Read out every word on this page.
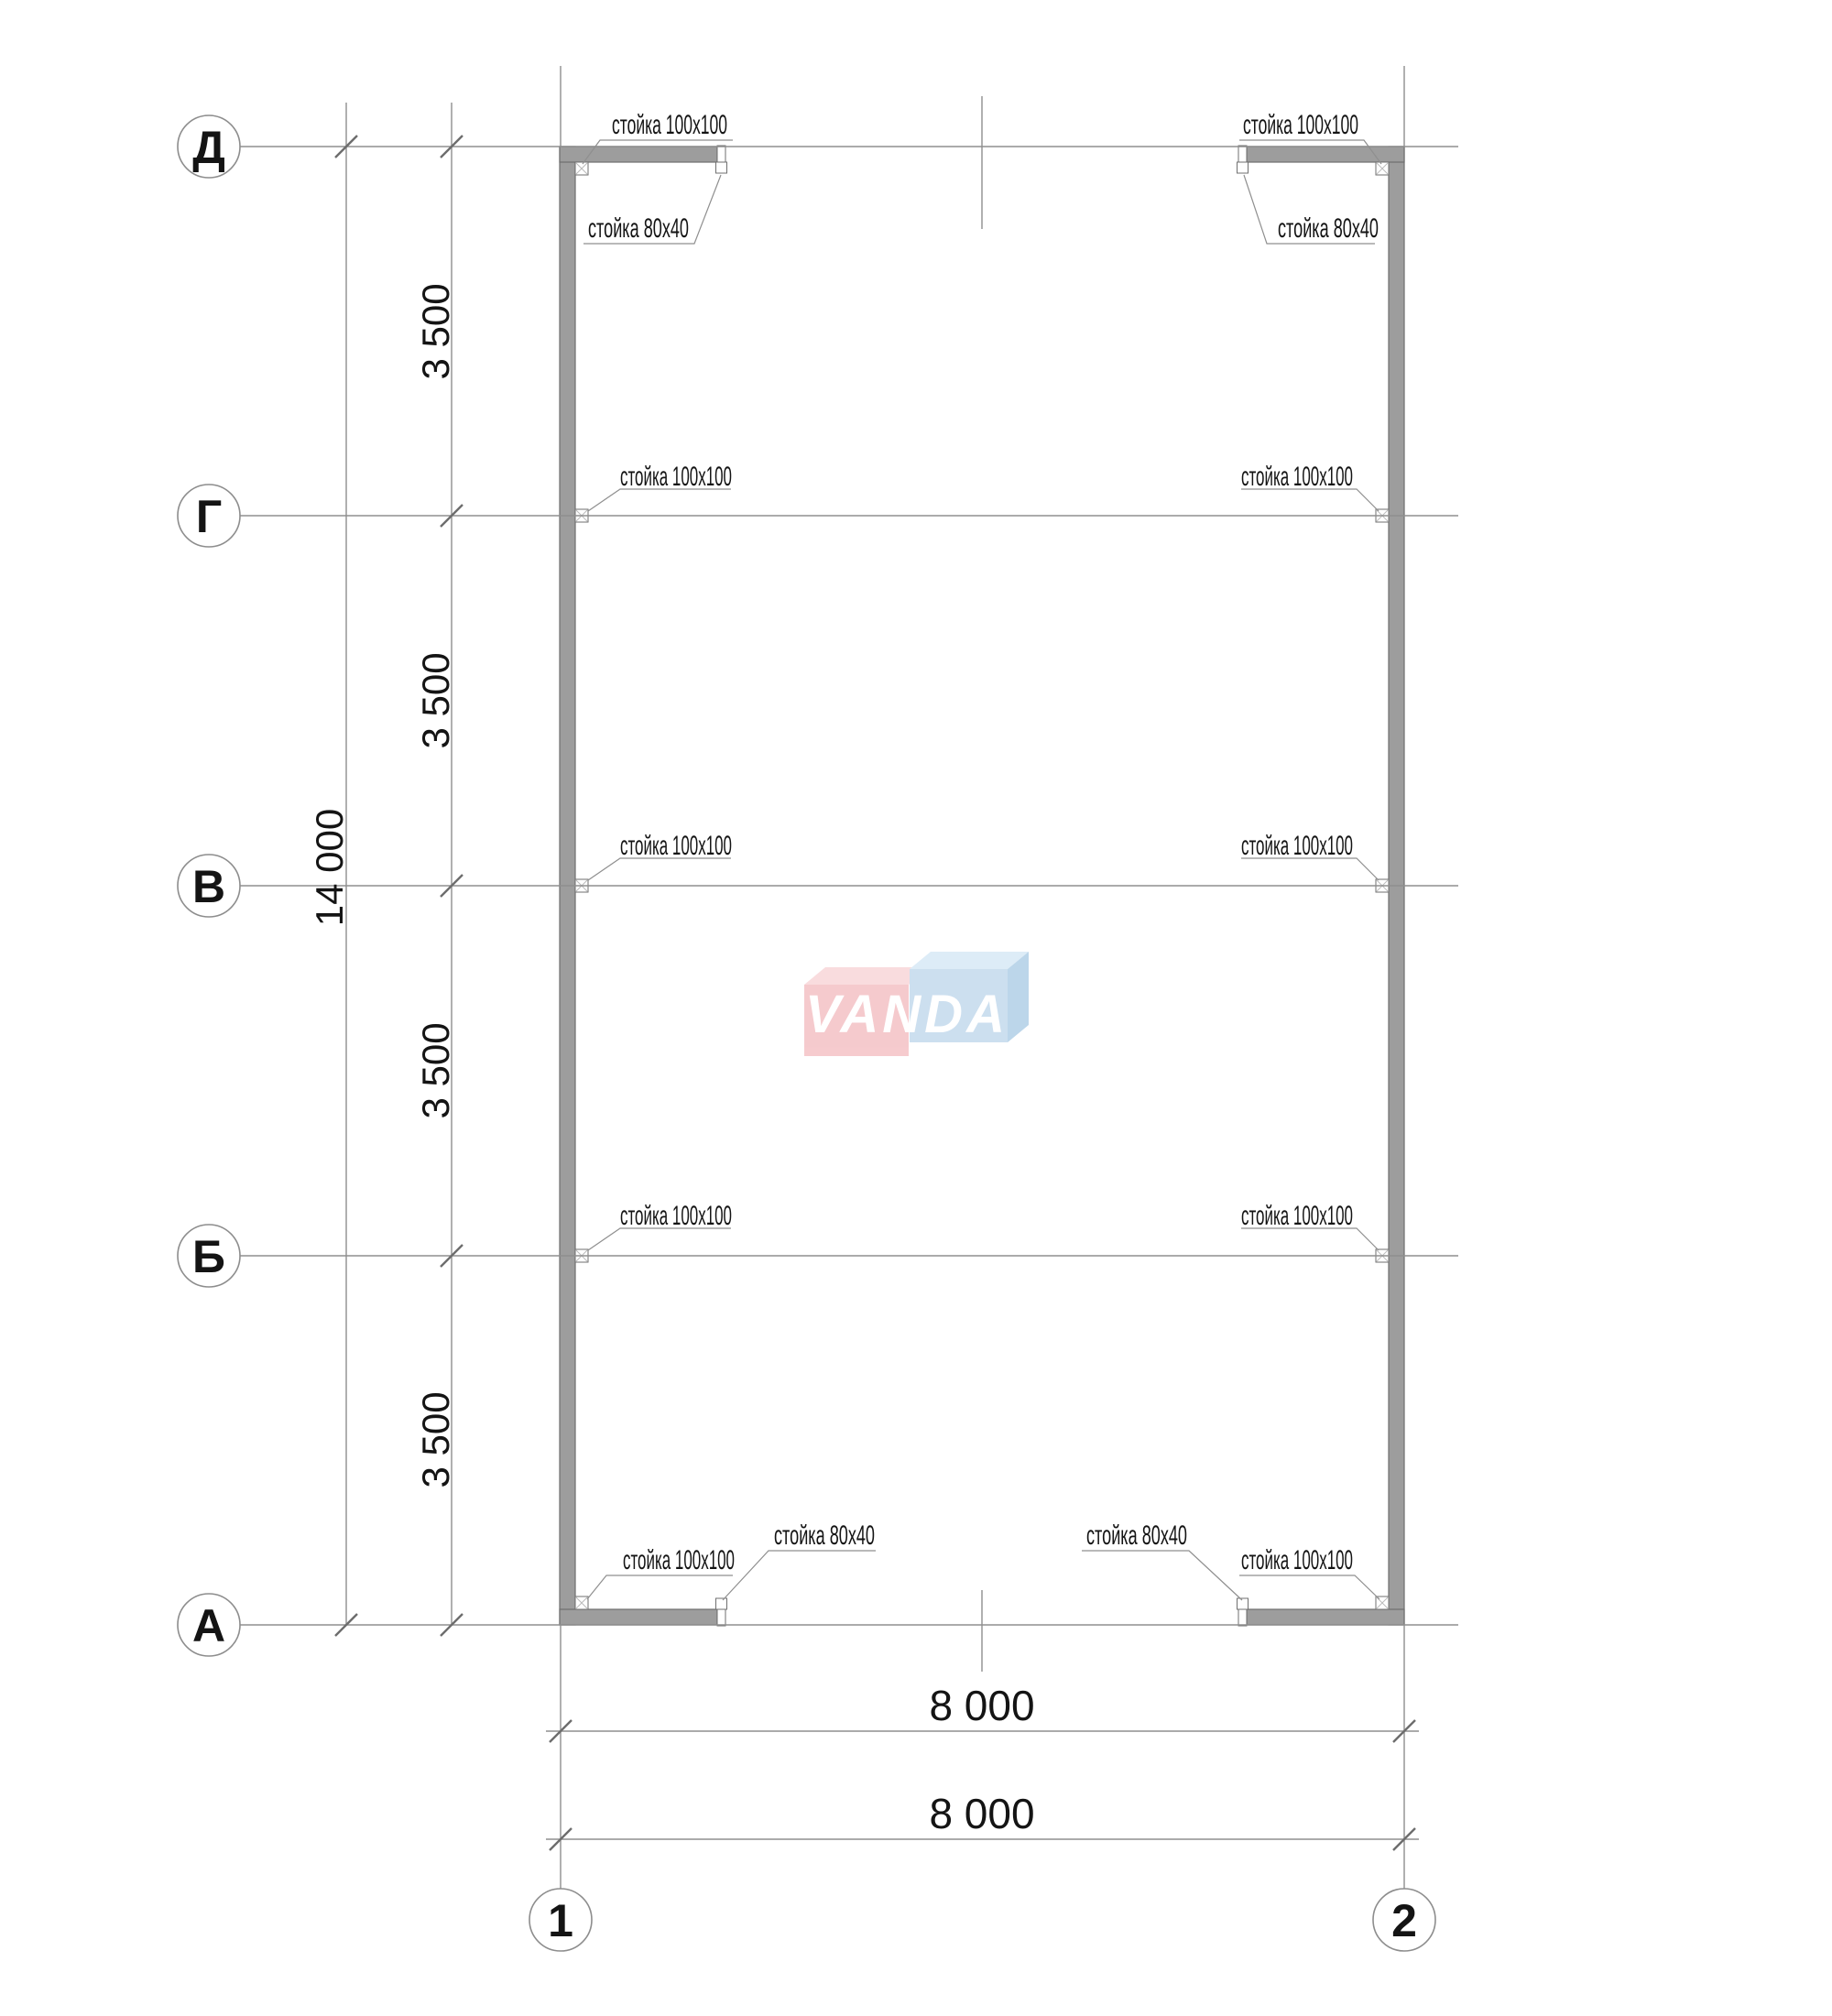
3 500
3 500
3 500
3 500
14 000
8 000
8 000
стойка 100x100
стойка 80x40
стойка 100x100
стойка 80x40
стойка 100x100	стойка 100x100
стойка 100x100	стойка 100x100
стойка 100x100	стойка 100x100
стойка 100x100
стойка 80x40	стойка 80x40
стойка 100x100
Д
Г
В
Б
А
1	2
VANDA
